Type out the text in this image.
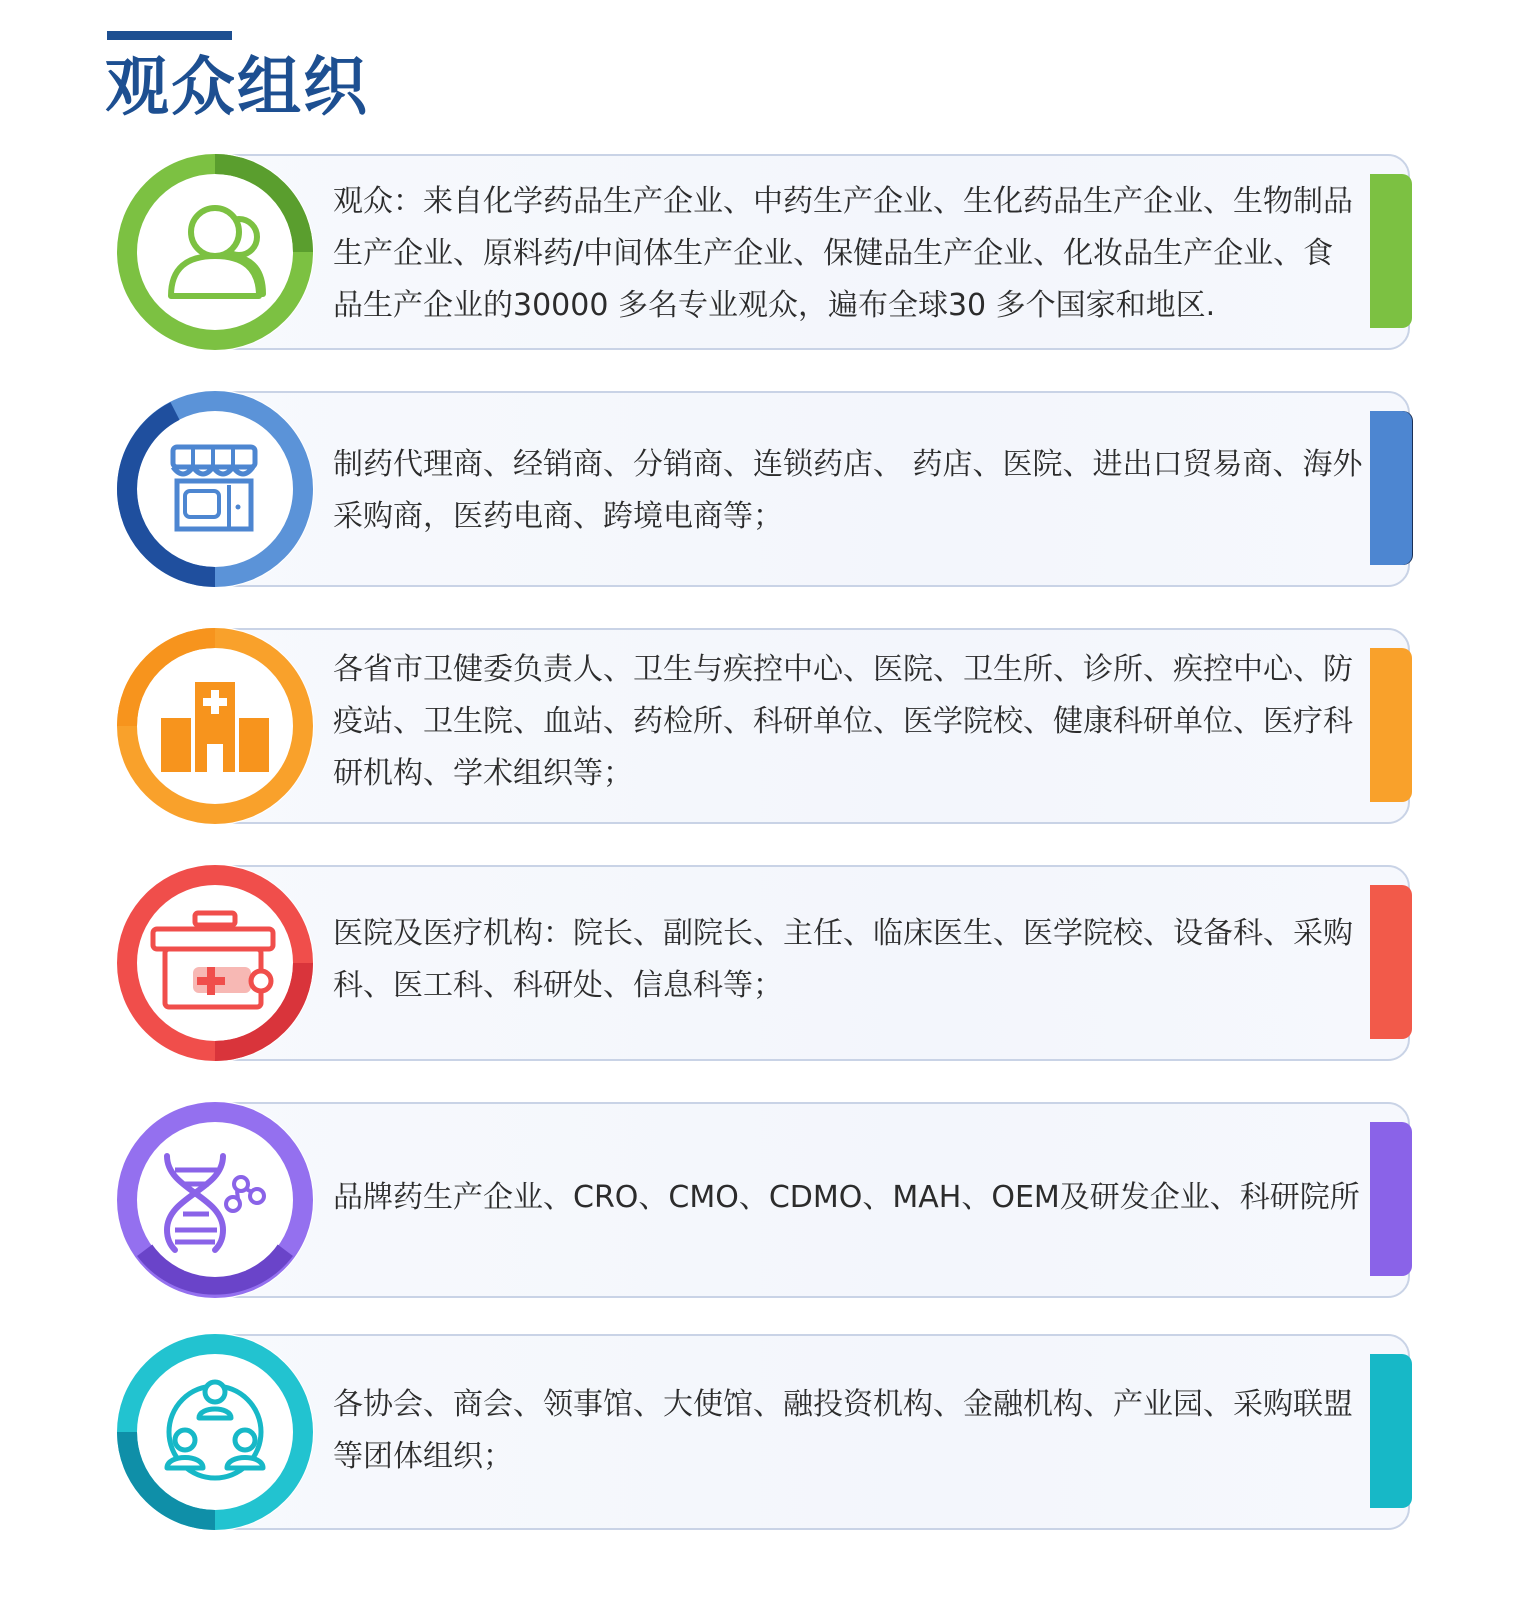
观众组织
观众：来自化学药品生产企业、中药生产企业、生化药品生产企业、生物制品生产企业、原料药/中间体生产企业、保健品生产企业、化妆品生产企业、食品生产企业的30000 多名专业观众，遍布全球30 多个国家和地区.
制药代理商、经销商、分销商、连锁药店、 药店、医院、进出口贸易商、海外采购商，医药电商、跨境电商等；
各省市卫健委负责人、卫生与疾控中心、医院、卫生所、诊所、疾控中心、防疫站、卫生院、血站、药检所、科研单位、医学院校、健康科研单位、医疗科研机构、学术组织等；
医院及医疗机构：院长、副院长、主任、临床医生、医学院校、设备科、采购科、医工科、科研处、信息科等；
品牌药生产企业、CRO、CMO、CDMO、MAH、OEM及研发企业、科研院所
各协会、商会、领事馆、大使馆、融投资机构、金融机构、产业园、采购联盟等团体组织；
